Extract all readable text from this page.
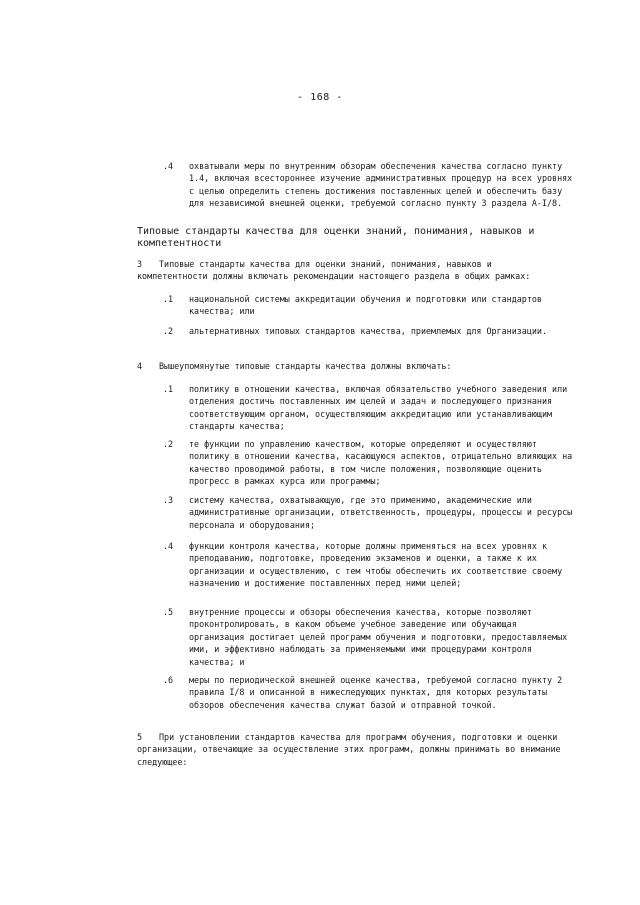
- 168 -
.4	охватывали меры по внутренним обзорам обеспечения качества согласно пункту 1.4, включая всестороннее изучение административных процедур на всех уровнях с целью определить степень достижения поставленных целей и обеспечить базу для независимой внешней оценки, требуемой согласно пункту 3 раздела A-I/8.
Типовые стандарты качества для оценки знаний, понимания, навыков и компетентности
3 Типовые стандарты качества для оценки знаний, понимания, навыков и компетентности должны включать рекомендации настоящего раздела в общих рамках:
.1	национальной системы аккредитации обучения и подготовки или стандартов качества; или
.2	альтернативных типовых стандартов качества, приемлемых для Организации.
4 Вышеупомянутые типовые стандарты качества должны включать:
.1	политику в отношении качества, включая обязательство учебного заведения или отделения достичь поставленных им целей и задач и последующего признания соответствующим органом, осуществляющим аккредитацию или устанавливающим стандарты качества;
.2	те функции по управлению качеством, которые определяют и осуществляют политику в отношении качества, касающуюся аспектов, отрицательно влияющих на качество проводимой работы, в том числе положения, позволяющие оценить прогресс в рамках курса или программы;
.3	систему качества, охватывающую, где это применимо, академические или административные организации, ответственность, процедуры, процессы и ресурсы персонала и оборудования;
.4	функции контроля качества, которые должны применяться на всех уровнях к преподаванию, подготовке, проведению экзаменов и оценки, а также к их организации и осуществлению, с тем чтобы обеспечить их соответствие своему назначению и достижение поставленных перед ними целей;
.5	внутренние процессы и обзоры обеспечения качества, которые позволяют проконтролировать, в каком объеме учебное заведение или обучающая организация достигает целей программ обучения и подготовки, предоставляемых ими, и эффективно наблюдать за применяемыми ими процедурами контроля качества; и
.6	меры по периодической внешней оценке качества, требуемой согласно пункту 2 правила I/8 и описанной в нижеследующих пунктах, для которых результаты обзоров обеспечения качества служат базой и отправной точкой.
5 При установлении стандартов качества для программ обучения, подготовки и оценки организации, отвечающие за осуществление этих программ, должны принимать во внимание следующее:
